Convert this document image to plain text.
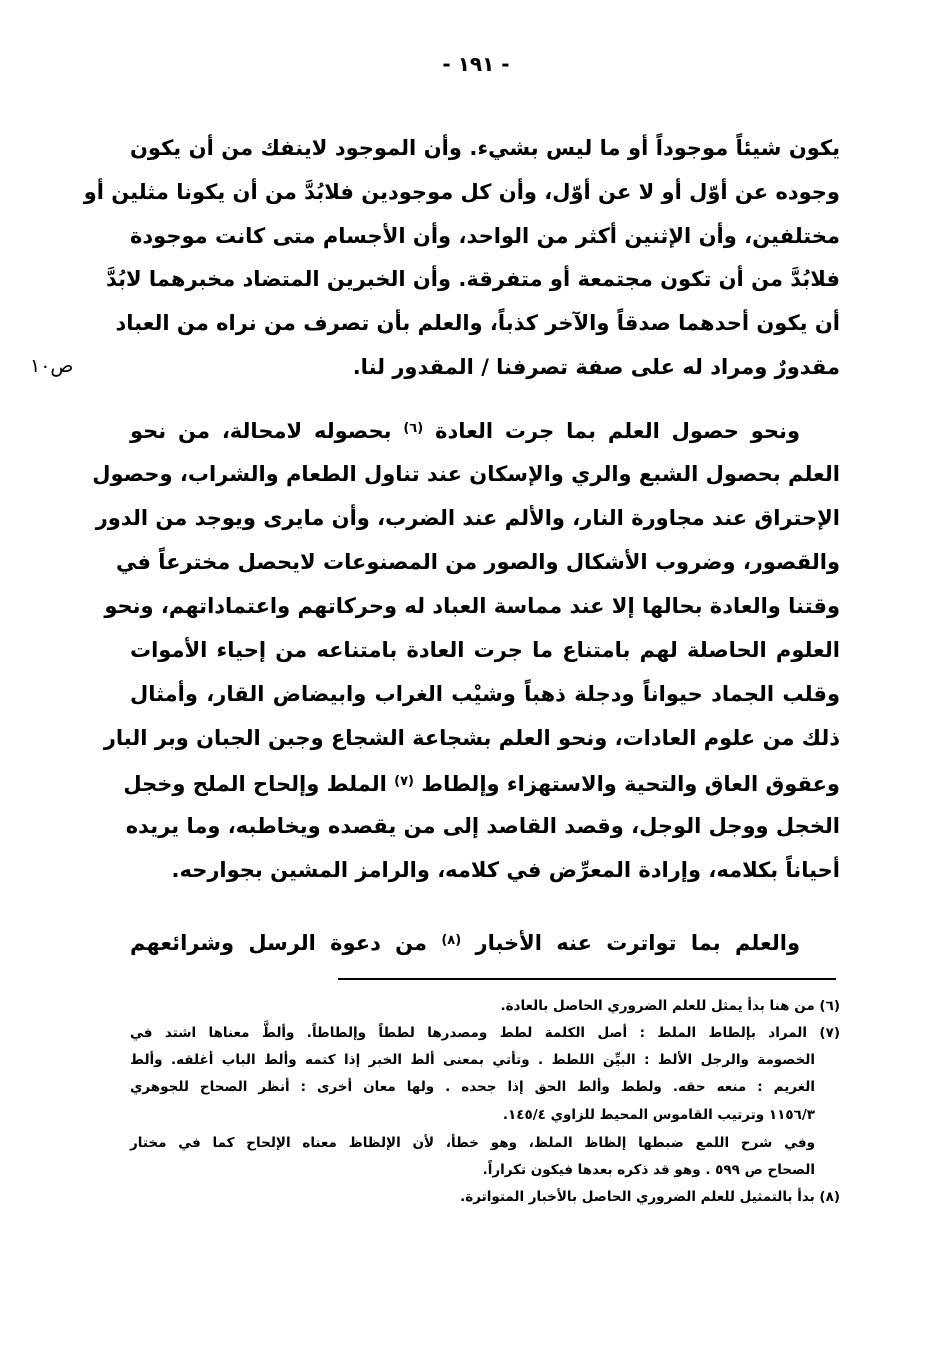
- ١٩١ -
ص١٠
يكون شيئاً موجوداً أو ما ليس بشيء. وأن الموجود لاينفك من أن يكون
وجوده عن أوّل أو لا عن أوّل، وأن كل موجودين فلابُدَّ من أن يكونا مثلين أو
مختلفين، وأن الإثنين أكثر من الواحد، وأن الأجسام متى كانت موجودة
فلابُدَّ من أن تكون مجتمعة أو متفرقة. وأن الخبرين المتضاد مخبرهما لابُدَّ
أن يكون أحدهما صدقاً والآخر كذباً، والعلم بأن تصرف من نراه من العباد
مقدورٌ ومراد له على صفة تصرفنا / المقدور لنا.
ونحو حصول العلم بما جرت العادة $^{(٦)}$ بحصوله لامحالة، من نحو
العلم بحصول الشبع والري والإسكان عند تناول الطعام والشراب، وحصول
الإحتراق عند مجاورة النار، والألم عند الضرب، وأن مايرى ويوجد من الدور
والقصور، وضروب الأشكال والصور من المصنوعات لايحصل مخترعاً في
وقتنا والعادة بحالها إلا عند مماسة العباد له وحركاتهم واعتماداتهم، ونحو
العلوم الحاصلة لهم بامتناع ما جرت العادة بامتناعه من إحياء الأموات
وقلب الجماد حيواناً ودجلة ذهباً وشيْب الغراب وابيضاض القار، وأمثال
ذلك من علوم العادات، ونحو العلم بشجاعة الشجاع وجبن الجبان وبر البار
وعقوق العاق والتحية والاستهزاء وإلطاط $^{(٧)}$ الملط وإلحاح الملح وخجل
الخجل ووجل الوجل، وقصد القاصد إلى من يقصده ويخاطبه، وما يريده
أحياناً بكلامه، وإرادة المعرِّض في كلامه، والرامز المشين بجوارحه.
والعلم بما تواترت عنه الأخبار $^{(٨)}$ من دعوة الرسل وشرائعهم
(٦) من هنا بدأ يمثل للعلم الضروري الحاصل بالعادة.
(٧) المراد بإلطاط الملط : أصل الكلمة لطط ومصدرها لططاً وإلطاطاً. وألطَّ معناها اشتد في
الخصومة والرجل الألط : البيِّن اللطط . وتأتي بمعنى ألط الخبر إذا كتمه وألط الباب أغلقه. وألط
الغريم : منعه حقه. ولطط وألط الحق إذا جحده . ولها معان أخرى : أنظر الصحاح للجوهري
١١٥٦/٣ وترتيب القاموس المحيط للزاوي ١٤٥/٤.
وفي شرح اللمع ضبطها إلظاظ الملظ، وهو خطأ، لأن الإلظاظ معناه الإلحاح كما في مختار
الصحاح ص ٥٩٩ . وهو قد ذكره بعدها فيكون تكراراً.
(٨) بدأ بالتمثيل للعلم الضروري الحاصل بالأخبار المتواترة.
